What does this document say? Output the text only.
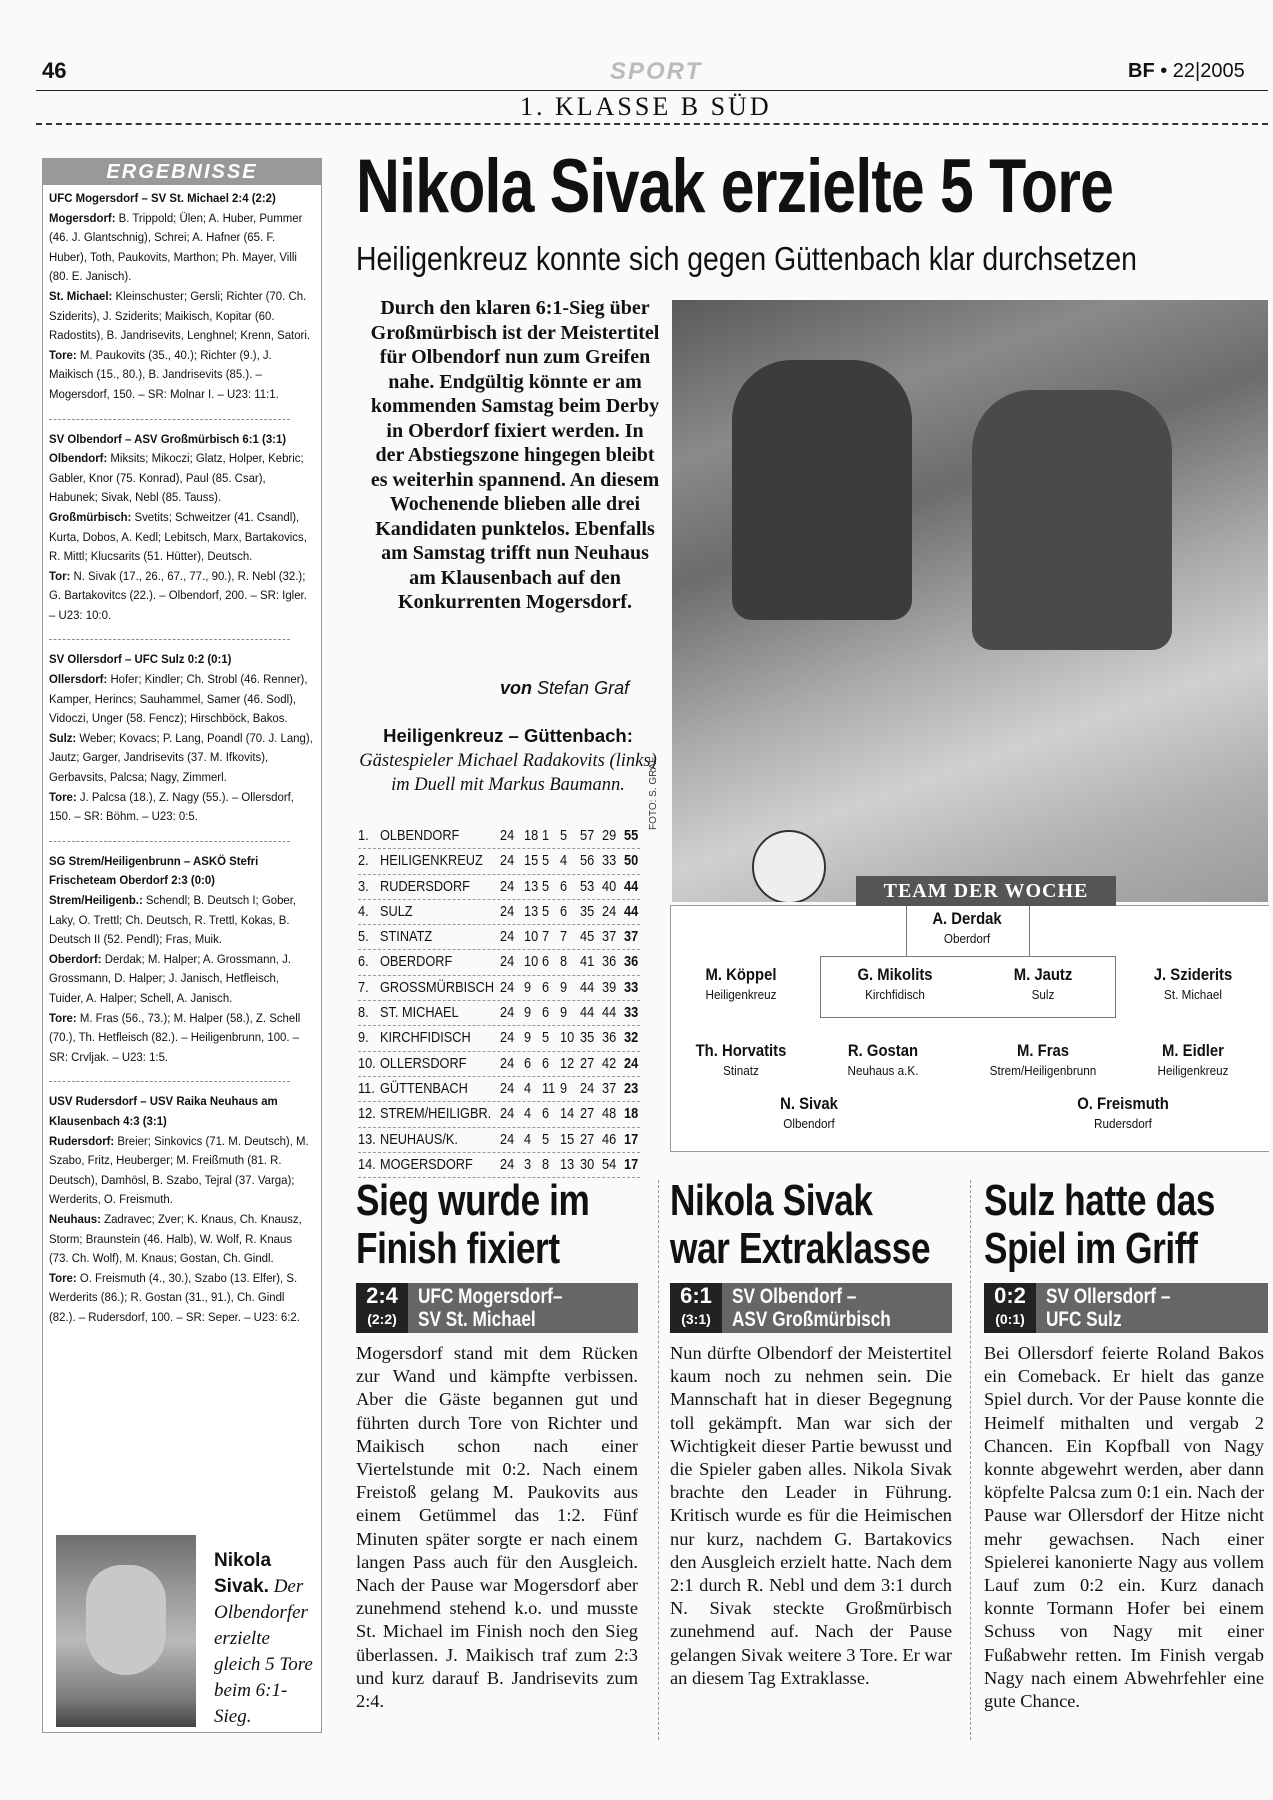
46	SPORT	BF • 22|2005
1. KLASSE B SÜD
ERGEBNISSE

UFC Mogersdorf – SV St. Michael 2:4 (2:2)

Mogersdorf: B. Trippold; Ülen; A. Huber, Pummer (46. J. Glantschnig), Schrei; A. Hafner (65. F. Huber), Toth, Paukovits, Marthon; Ph. Mayer, Villi (80. E. Janisch).

St. Michael: Kleinschuster; Gersli; Richter (70. Ch. Sziderits), J. Sziderits; Maikisch, Kopitar (60. Radostits), B. Jandrisevits, Lenghnel; Krenn, Satori.

Tore: M. Paukovits (35., 40.); Richter (9.), J. Maikisch (15., 80.), B. Jandrisevits (85.). – Mogersdorf, 150. – SR: Molnar I. – U23: 11:1.

SV Olbendorf – ASV Großmürbisch 6:1 (3:1)

Olbendorf: Miksits; Mikoczi; Glatz, Holper, Kebric; Gabler, Knor (75. Konrad), Paul (85. Csar), Habunek; Sivak, Nebl (85. Tauss).

Großmürbisch: Svetits; Schweitzer (41. Csandl), Kurta, Dobos, A. Kedl; Lebitsch, Marx, Bartakovics, R. Mittl; Klucsarits (51. Hütter), Deutsch.

Tor: N. Sivak (17., 26., 67., 77., 90.), R. Nebl (32.); G. Bartakovitcs (22.). – Olbendorf, 200. – SR: Igler. – U23: 10:0.

SV Ollersdorf – UFC Sulz 0:2 (0:1)

Ollersdorf: Hofer; Kindler; Ch. Strobl (46. Renner), Kamper, Herincs; Sauhammel, Samer (46. Sodl), Vidoczi, Unger (58. Fencz); Hirschböck, Bakos.

Sulz: Weber; Kovacs; P. Lang, Poandl (70. J. Lang), Jautz; Garger, Jandrisevits (37. M. Ifkovits), Gerbavsits, Palcsa; Nagy, Zimmerl.

Tore: J. Palcsa (18.), Z. Nagy (55.). – Ollersdorf, 150. – SR: Böhm. – U23: 0:5.

SG Strem/Heiligenbrunn – ASKÖ Stefri Frischeteam Oberdorf 2:3 (0:0)

Strem/Heiligenb.: Schendl; B. Deutsch I; Gober, Laky, O. Trettl; Ch. Deutsch, R. Trettl, Kokas, B. Deutsch II (52. Pendl); Fras, Muik.

Oberdorf: Derdak; M. Halper; A. Grossmann, J. Grossmann, D. Halper; J. Janisch, Hetfleisch, Tuider, A. Halper; Schell, A. Janisch.

Tore: M. Fras (56., 73.); M. Halper (58.), Z. Schell (70.), Th. Hetfleisch (82.). – Heiligenbrunn, 100. – SR: Crvljak. – U23: 1:5.

USV Rudersdorf – USV Raika Neuhaus am Klausenbach 4:3 (3:1)

Rudersdorf: Breier; Sinkovics (71. M. Deutsch), M. Szabo, Fritz, Heuberger; M. Freißmuth (81. R. Deutsch), Damhösl, B. Szabo, Tejral (37. Varga); Werderits, O. Freismuth.

Neuhaus: Zadravec; Zver; K. Knaus, Ch. Knausz, Storm; Braunstein (46. Halb), W. Wolf, R. Knaus (73. Ch. Wolf), M. Knaus; Gostan, Ch. Gindl.

Tore: O. Freismuth (4., 30.), Szabo (13. Elfer), S. Werderits (86.); R. Gostan (31., 91.), Ch. Gindl (82.). – Rudersdorf, 100. – SR: Seper. – U23: 6:2.

Nikola Sivak. Der Olbendorfer erzielte gleich 5 Tore beim 6:1-Sieg.
Nikola Sivak erzielte 5 Tore
Heiligenkreuz konnte sich gegen Güttenbach klar durchsetzen
Durch den klaren 6:1-Sieg über Großmürbisch ist der Meistertitel für Olbendorf nun zum Greifen nahe. Endgültig könnte er am kommenden Samstag beim Derby in Oberdorf fixiert werden. In der Abstiegszone hingegen bleibt es weiterhin spannend. An diesem Wochenende blieben alle drei Kandidaten punktelos. Ebenfalls am Samstag trifft nun Neuhaus am Klausenbach auf den Konkurrenten Mogersdorf.
von Stefan Graf
Heiligenkreuz – Güttenbach: Gästespieler Michael Radakovits (links) im Duell mit Markus Baumann.	FOTO: S. GRAF
1. OLBENDORF	24 18 1 5 57 29 55
2. HEILIGENKREUZ 24 15 5 4 56 33 50
3. RUDERSDORF 24 13 5 6 53 40 44
4. SULZ	24 13 5 6 35 24 44
5. STINATZ	24 10 7 7 45 37 37
6. OBERDORF	24 10 6 8 41 36 36
7. GROSSMÜRBISCH 24 9 6 9 44 39 33
8. ST. MICHAEL	24 9 6 9 44 44 33
9. KIRCHFIDISCH 24 9 5 10 35 36 32
10. OLLERSDORF 24 6 6 12 27 42 24
11. GÜTTENBACH 24 4 11 9 24 37 23
12. STREM/HEILIGBR. 24 4 6 14 27 48 18
13. NEUHAUS/K.	24 4 5 15 27 46 17
14. MOGERSDORF 24 3 8 13 30 54 17
TEAM DER WOCHE
A. Derdak
Oberdorf
M. Köppel
Heiligenkreuz
G. Mikolits
Kirchfidisch
M. Jautz
Sulz
J. Sziderits
St. Michael
Th. Horvatits
Stinatz
R. Gostan
Neuhaus a.K.
M. Fras
Strem/Heiligenbrunn
M. Eidler
Heiligenkreuz
N. Sivak
Olbendorf
O. Freismuth
Rudersdorf
Sieg wurde im
Finish fixiert
2:4
(2:2)
UFC Mogersdorf–
SV St. Michael
Mogersdorf stand mit dem Rücken zur Wand und kämpfte verbissen. Aber die Gäste begannen gut und führten durch Tore von Richter und Maikisch schon nach einer Viertelstunde mit 0:2. Nach einem Freistoß gelang M. Paukovits aus einem Getümmel das 1:2. Fünf Minuten später sorgte er nach einem langen Pass auch für den Ausgleich. Nach der Pause war Mogersdorf aber zunehmend stehend k.o. und musste St. Michael im Finish noch den Sieg überlassen. J. Maikisch traf zum 2:3 und kurz darauf B. Jandrisevits zum 2:4.
Nikola Sivak
war Extraklasse
6:1
(3:1)
SV Olbendorf –
ASV Großmürbisch
Nun dürfte Olbendorf der Meistertitel kaum noch zu nehmen sein. Die Mannschaft hat in dieser Begegnung toll gekämpft. Man war sich der Wichtigkeit dieser Partie bewusst und die Spieler gaben alles. Nikola Sivak brachte den Leader in Führung. Kritisch wurde es für die Heimischen nur kurz, nachdem G. Bartakovics den Ausgleich erzielt hatte. Nach dem 2:1 durch R. Nebl und dem 3:1 durch N. Sivak steckte Großmürbisch zunehmend auf. Nach der Pause gelangen Sivak weitere 3 Tore. Er war an diesem Tag Extraklasse.
Sulz hatte das
Spiel im Griff
0:2
(0:1)
SV Ollersdorf –
UFC Sulz
Bei Ollersdorf feierte Roland Bakos ein Comeback. Er hielt das ganze Spiel durch. Vor der Pause konnte die Heimelf mithalten und vergab 2 Chancen. Ein Kopfball von Nagy konnte abgewehrt werden, aber dann köpfelte Palcsa zum 0:1 ein. Nach der Pause war Ollersdorf der Hitze nicht mehr gewachsen. Nach einer Spielerei kanonierte Nagy aus vollem Lauf zum 0:2 ein. Kurz danach konnte Tormann Hofer bei einem Schuss von Nagy mit einer Fußabwehr retten. Im Finish vergab Nagy nach einem Abwehrfehler eine gute Chance.
